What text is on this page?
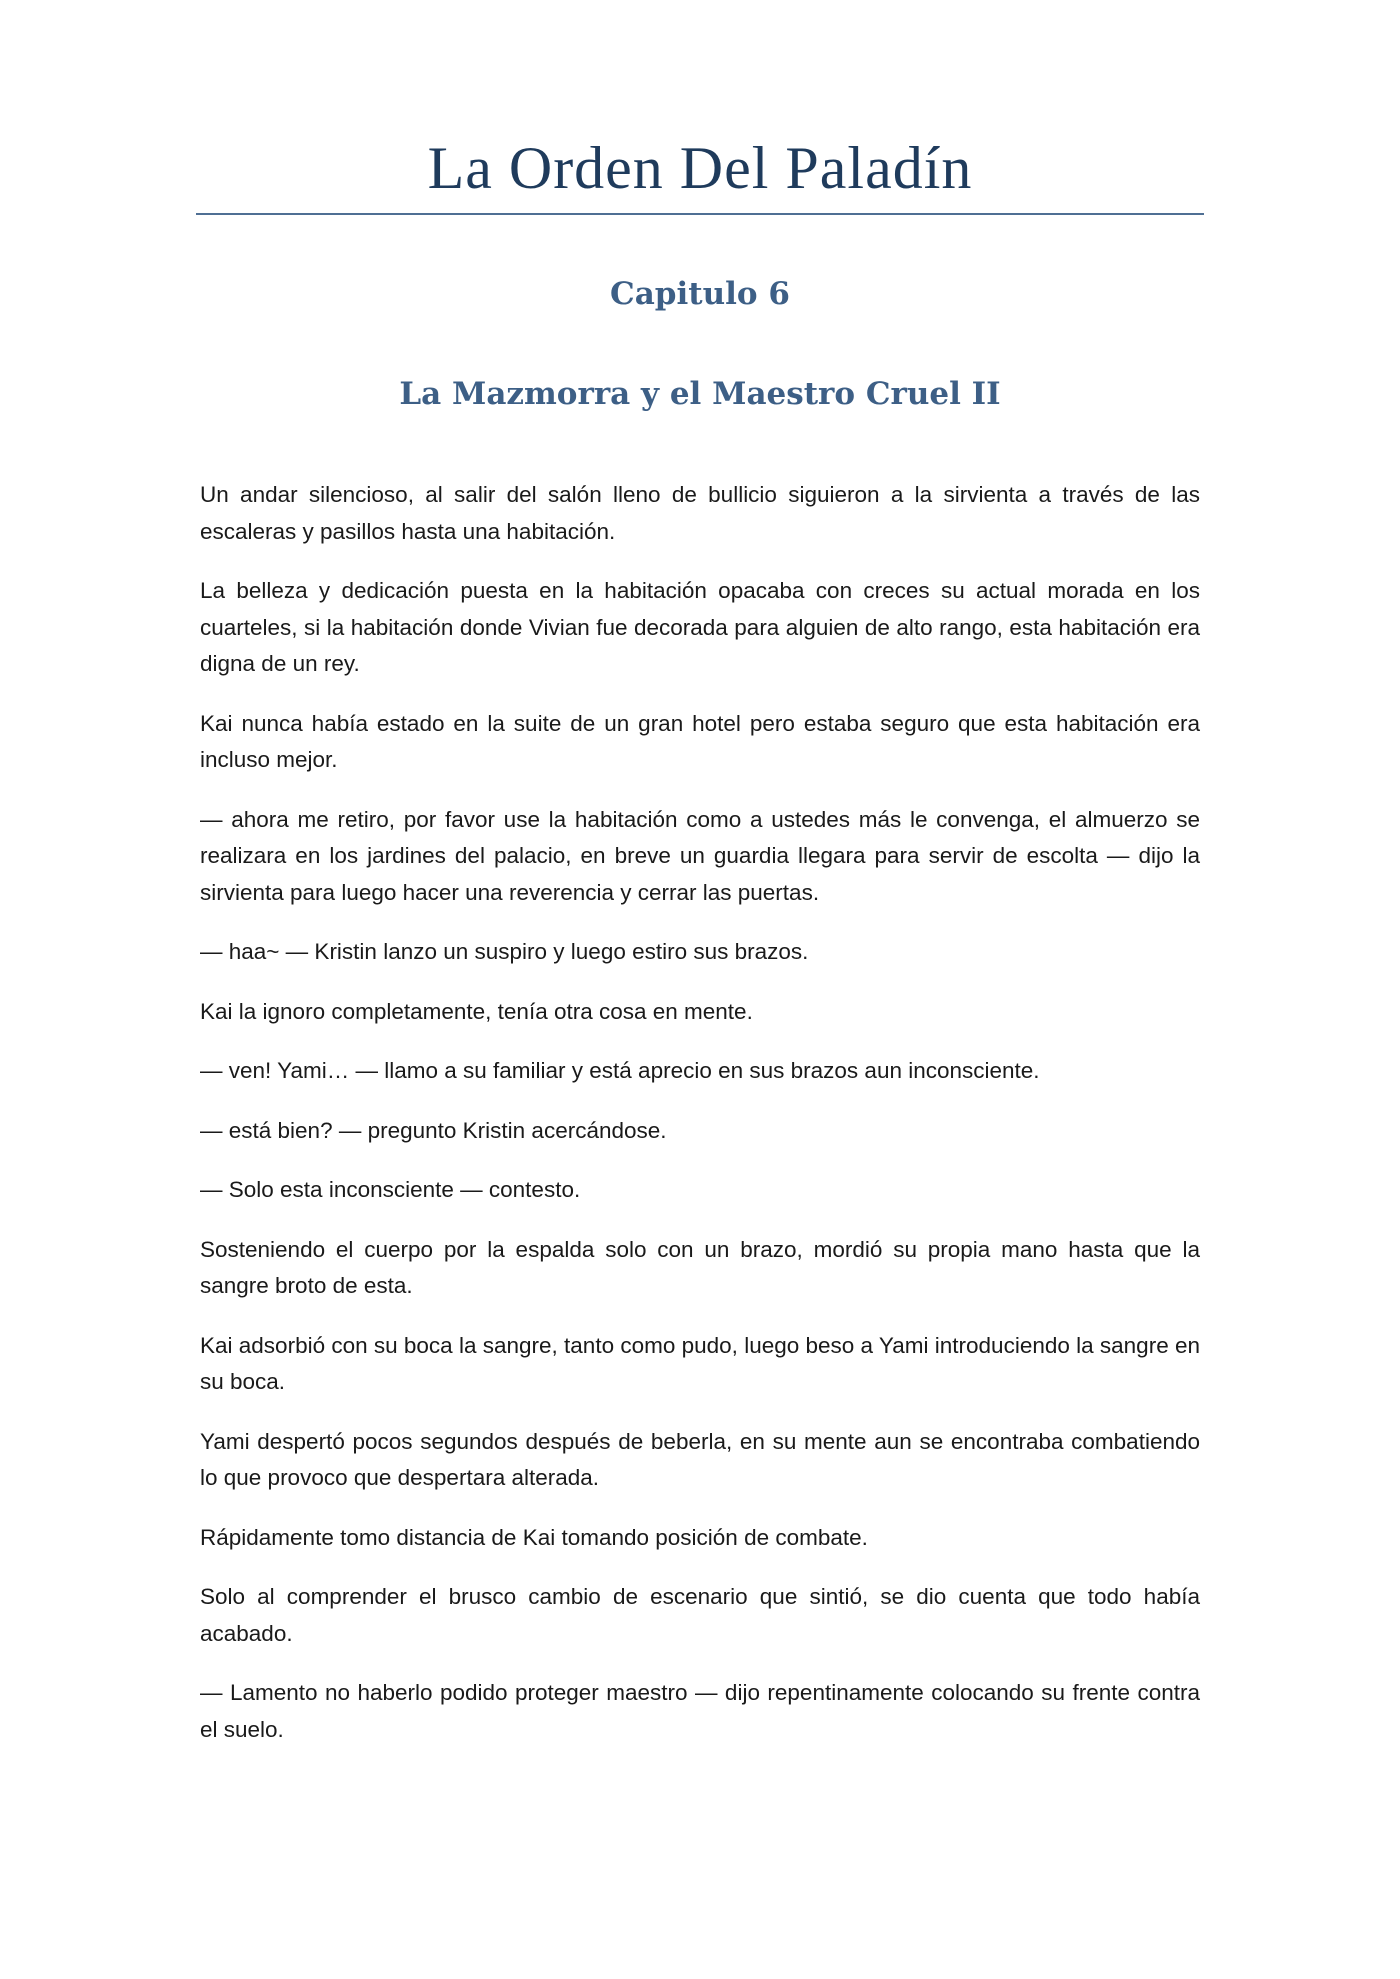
La Orden Del Paladín
Capitulo 6
La Mazmorra y el Maestro Cruel II

Un andar silencioso, al salir del salón lleno de bullicio siguieron a la sirvienta a través de las escaleras y pasillos hasta una habitación.

La belleza y dedicación puesta en la habitación opacaba con creces su actual morada en los cuarteles, si la habitación donde Vivian fue decorada para alguien de alto rango, esta habitación era digna de un rey.

Kai nunca había estado en la suite de un gran hotel pero estaba seguro que esta habitación era incluso mejor.

— ahora me retiro, por favor use la habitación como a ustedes más le convenga, el almuerzo se realizara en los jardines del palacio, en breve un guardia llegara para servir de escolta — dijo la sirvienta para luego hacer una reverencia y cerrar las puertas.

— haa~ — Kristin lanzo un suspiro y luego estiro sus brazos.

Kai la ignoro completamente, tenía otra cosa en mente.

— ven! Yami… — llamo a su familiar y está aprecio en sus brazos aun inconsciente.

— está bien? — pregunto Kristin acercándose.

— Solo esta inconsciente — contesto.

Sosteniendo el cuerpo por la espalda solo con un brazo, mordió su propia mano hasta que la sangre broto de esta.

Kai adsorbió con su boca la sangre, tanto como pudo, luego beso a Yami introduciendo la sangre en su boca.

Yami despertó pocos segundos después de beberla, en su mente aun se encontraba combatiendo lo que provoco que despertara alterada.

Rápidamente tomo distancia de Kai tomando posición de combate.

Solo al comprender el brusco cambio de escenario que sintió, se dio cuenta que todo había acabado.

— Lamento no haberlo podido proteger maestro — dijo repentinamente colocando su frente contra el suelo.
